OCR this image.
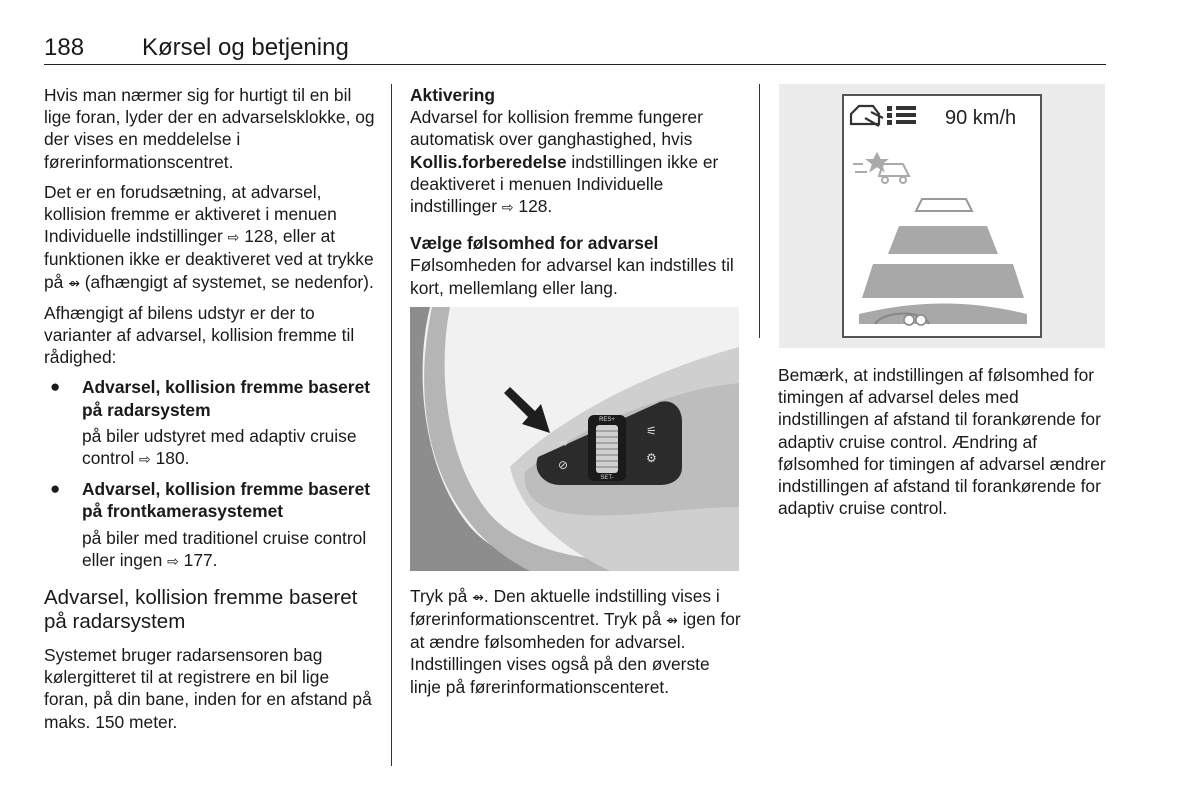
188 Kørsel og betjening

Hvis man nærmer sig for hurtigt til en bil lige foran, lyder der en advarselsklokke, og der vises en meddelelse i førerinformationscentret.

Det er en forudsætning, at advarsel, kollision fremme er aktiveret i menuen Individuelle indstillinger ⇨ 128, eller at funktionen ikke er deaktiveret ved at trykke på ⇴ (afhængigt af systemet, se nedenfor).

Afhængigt af bilens udstyr er der to varianter af advarsel, kollision fremme til rådighed:

● Advarsel, kollision fremme baseret på radarsystem
på biler udstyret med adaptiv cruise control ⇨ 180.
● Advarsel, kollision fremme baseret på frontkamerasystemet
på biler med traditionel cruise control eller ingen ⇨ 177.
Advarsel, kollision fremme baseret på radarsystem

Systemet bruger radarsensoren bag kølergitteret til at registrere en bil lige foran, på din bane, inden for en afstand på maks. 150 meter.

Aktivering

Advarsel for kollision fremme fungerer automatisk over ganghastighed, hvis Kollis.forberedelse indstillingen ikke er deaktiveret i menuen Individuelle indstillinger ⇨ 128.

Vælge følsomhed for advarsel

Følsomheden for advarsel kan indstilles til kort, mellemlang eller lang.

RES+
SET-
⇴
⊘
⚟
⚙

Tryk på ⇴. Den aktuelle indstilling vises i førerinformationscentret. Tryk på ⇴ igen for at ændre følsomheden for advarsel. Indstillingen vises også på den øverste linje på førerinformationscenteret.

90 km/h

Bemærk, at indstillingen af følsomhed for timingen af advarsel deles med indstillingen af afstand til forankørende for adaptiv cruise control. Ændring af følsomhed for timingen af advarsel ændrer indstillingen af afstand til forankørende for adaptiv cruise control.
